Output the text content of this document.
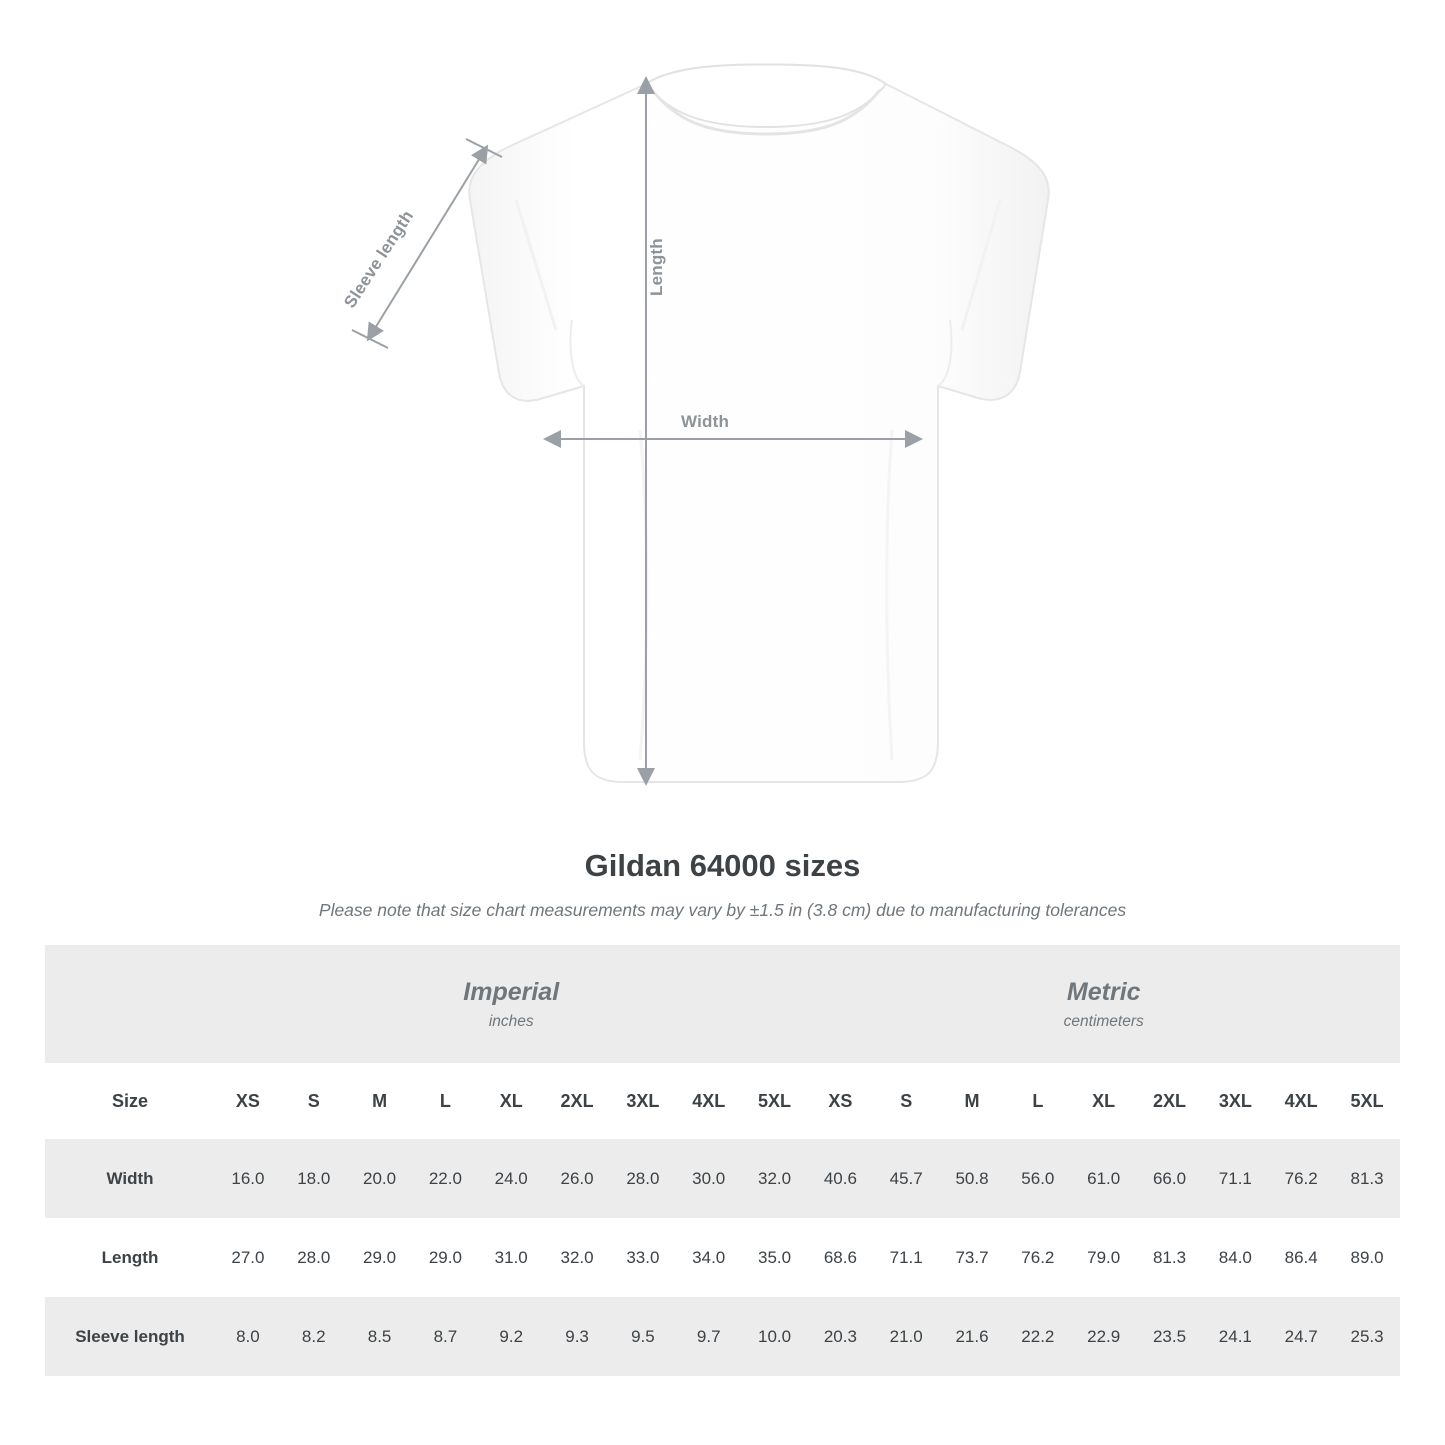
Width
Length
Sleeve length
Gildan 64000 sizes

Please note that size chart measurements may vary by ±1.5 in (3.8 cm) due to manufacturing tolerances

	Imperial
inches									Metric
centimeters								

Size	XS	S	M	L	XL	2XL	3XL	4XL	5XL	XS	S	M	L	XL	2XL	3XL	4XL	5XL
Width	16.0	18.0	20.0	22.0	24.0	26.0	28.0	30.0	32.0	40.6	45.7	50.8	56.0	61.0	66.0	71.1	76.2	81.3
Length	27.0	28.0	29.0	29.0	31.0	32.0	33.0	34.0	35.0	68.6	71.1	73.7	76.2	79.0	81.3	84.0	86.4	89.0
Sleeve length	8.0	8.2	8.5	8.7	9.2	9.3	9.5	9.7	10.0	20.3	21.0	21.6	22.2	22.9	23.5	24.1	24.7	25.3
